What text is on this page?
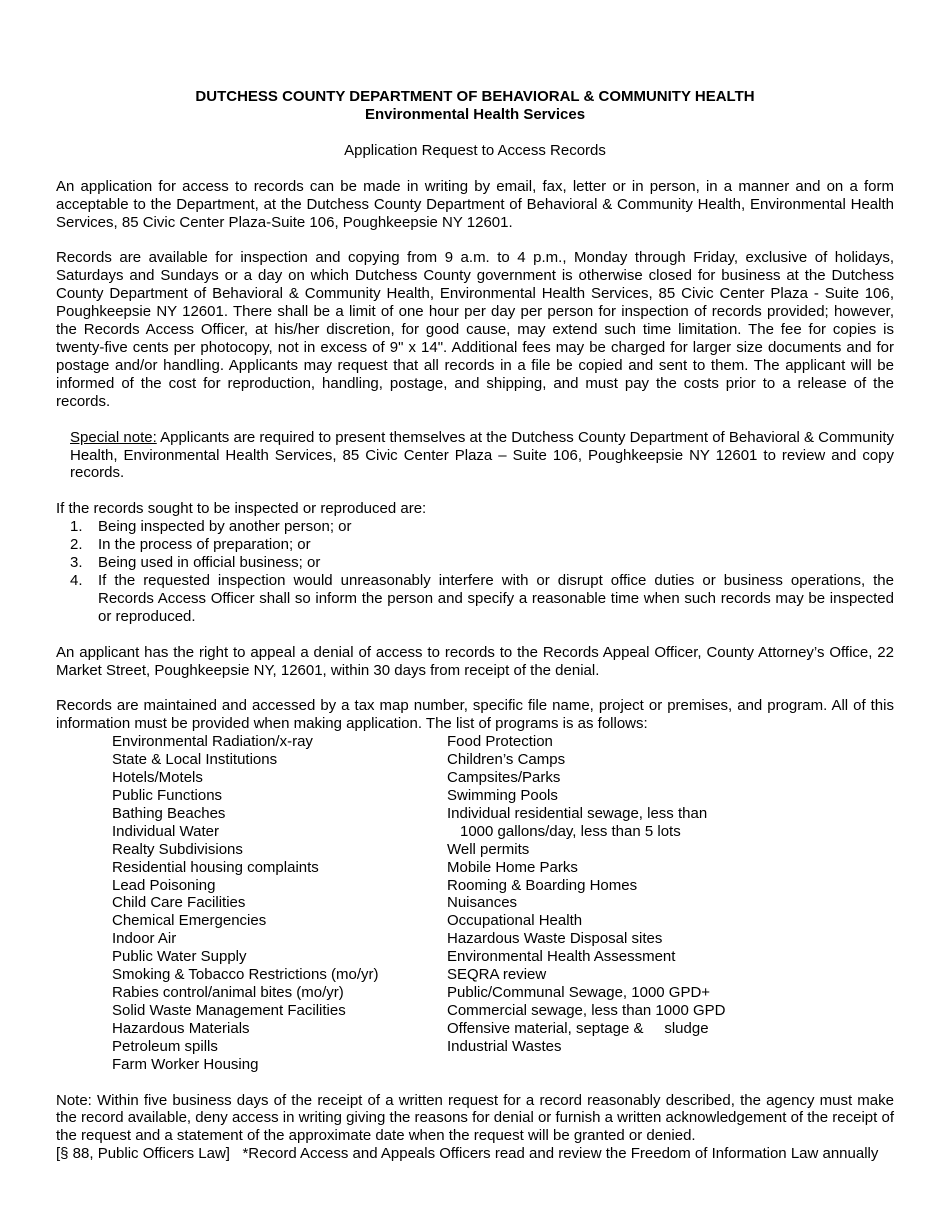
DUTCHESS COUNTY DEPARTMENT OF BEHAVIORAL & COMMUNITY HEALTH
Environmental Health Services
Application Request to Access Records

An application for access to records can be made in writing by email, fax, letter or in person, in a manner and on a form acceptable to the Department, at the Dutchess County Department of Behavioral & Community Health, Environmental Health Services, 85 Civic Center Plaza-Suite 106, Poughkeepsie NY 12601.

Records are available for inspection and copying from 9 a.m. to 4 p.m., Monday through Friday, exclusive of holidays, Saturdays and Sundays or a day on which Dutchess County government is otherwise closed for business at the Dutchess County Department of Behavioral & Community Health, Environmental Health Services, 85 Civic Center Plaza - Suite 106, Poughkeepsie NY 12601. There shall be a limit of one hour per day per person for inspection of records provided; however, the Records Access Officer, at his/her discretion, for good cause, may extend such time limitation. The fee for copies is twenty-five cents per photocopy, not in excess of 9" x 14". Additional fees may be charged for larger size documents and for postage and/or handling. Applicants may request that all records in a file be copied and sent to them. The applicant will be informed of the cost for reproduction, handling, postage, and shipping, and must pay the costs prior to a release of the records.

Special note: Applicants are required to present themselves at the Dutchess County Department of Behavioral & Community Health, Environmental Health Services, 85 Civic Center Plaza – Suite 106, Poughkeepsie NY 12601 to review and copy records.

If the records sought to be inspected or reproduced are:

1. Being inspected by another person; or
2. In the process of preparation; or
3. Being used in official business; or
4. If the requested inspection would unreasonably interfere with or disrupt office duties or business operations, the Records Access Officer shall so inform the person and specify a reasonable time when such records may be inspected or reproduced.

An applicant has the right to appeal a denial of access to records to the Records Appeal Officer, County Attorney’s Office, 22 Market Street, Poughkeepsie NY, 12601, within 30 days from receipt of the denial.

Records are maintained and accessed by a tax map number, specific file name, project or premises, and program. All of this information must be provided when making application. The list of programs is as follows:

Environmental Radiation/x-ray
State & Local Institutions
Hotels/Motels
Public Functions
Bathing Beaches
Individual Water
Realty Subdivisions
Residential housing complaints
Lead Poisoning
Child Care Facilities
Chemical Emergencies
Indoor Air
Public Water Supply
Smoking & Tobacco Restrictions (mo/yr)
Rabies control/animal bites (mo/yr)
Solid Waste Management Facilities
Hazardous Materials
Petroleum spills
Farm Worker Housing
Food Protection
Children’s Camps
Campsites/Parks
Swimming Pools
Individual residential sewage, less than
1000 gallons/day, less than 5 lots
Well permits
Mobile Home Parks
Rooming & Boarding Homes
Nuisances
Occupational Health
Hazardous Waste Disposal sites
Environmental Health Assessment
SEQRA review
Public/Communal Sewage, 1000 GPD+
Commercial sewage, less than 1000 GPD
Offensive material, septage &     sludge
Industrial Wastes

Note: Within five business days of the receipt of a written request for a record reasonably described, the agency must make the record available, deny access in writing giving the reasons for denial or furnish a written acknowledgement of the receipt of the request and a statement of the approximate date when the request will be granted or denied.

[§ 88, Public Officers Law]   *Record Access and Appeals Officers read and review the Freedom of Information Law annually
